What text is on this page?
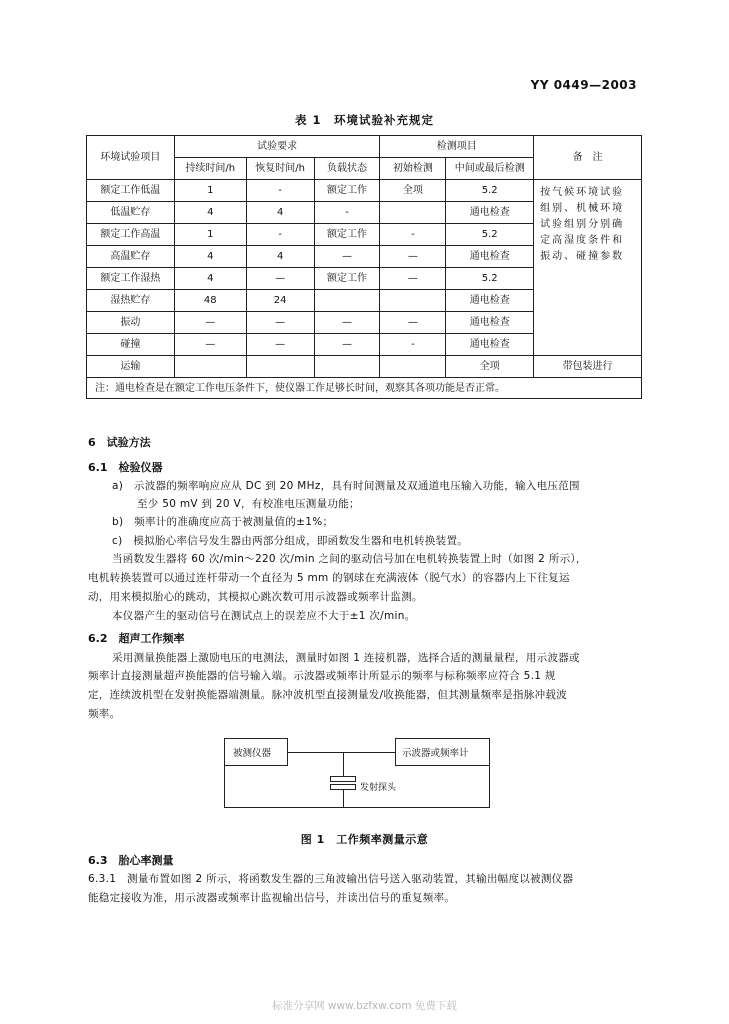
YY 0449—2003
表 1　环境试验补充规定
环境试验项目	试验要求			检测项目		备　注
	持续时间/h	恢复时间/h	负载状态	初始检测	中间或最后检测	
额定工作低温	1	-	额定工作	全项	5.2	按气候环境试验组别、机械环境试验组别分别确定高湿度条件和振动、碰撞参数
低温贮存	4	4	-		通电检查	
额定工作高温	1	-	额定工作	-	5.2	
高温贮存	4	4	—	—	通电检查	
额定工作湿热	4	—	额定工作	—	5.2	
湿热贮存	48	24			通电检查	
振动	—	—	—	—	通电检查	
碰撞	—	—	—	-	通电检查	
运输					全项	带包装进行
注：通电检查是在额定工作电压条件下，使仪器工作足够长时间，观察其各项功能是否正常。						
6　试验方法
6.1　检验仪器
a)　示波器的频率响应应从 DC 到 20 MHz，具有时间测量及双通道电压输入功能，输入电压范围
至少 50 mV 到 20 V，有校准电压测量功能；
b)　频率计的准确度应高于被测量值的±1%；
c)　模拟胎心率信号发生器由两部分组成，即函数发生器和电机转换装置。
当函数发生器将 60 次/min～220 次/min 之间的驱动信号加在电机转换装置上时（如图 2 所示），
电机转换装置可以通过连杆带动一个直径为 5 mm 的钢球在充满液体（脱气水）的容器内上下往复运
动，用来模拟胎心的跳动，其模拟心跳次数可用示波器或频率计监测。
本仪器产生的驱动信号在测试点上的误差应不大于±1 次/min。
6.2　超声工作频率
采用测量换能器上激励电压的电测法，测量时如图 1 连接机器，选择合适的测量量程，用示波器或
频率计直接测量超声换能器的信号输入端。示波器或频率计所显示的频率与标称频率应符合 5.1 规
定，连续波机型在发射换能器端测量。脉冲波机型直接测量发/收换能器，但其测量频率是指脉冲载波
频率。
被测仪器	示波器或频率计
发射探头
图 1　工作频率测量示意
6.3　胎心率测量
6.3.1　测量布置如图 2 所示，将函数发生器的三角波输出信号送入驱动装置，其输出幅度以被测仪器
能稳定接收为准，用示波器或频率计监视输出信号，并读出信号的重复频率。
标准分享网 www.bzfxw.com 免费下载
